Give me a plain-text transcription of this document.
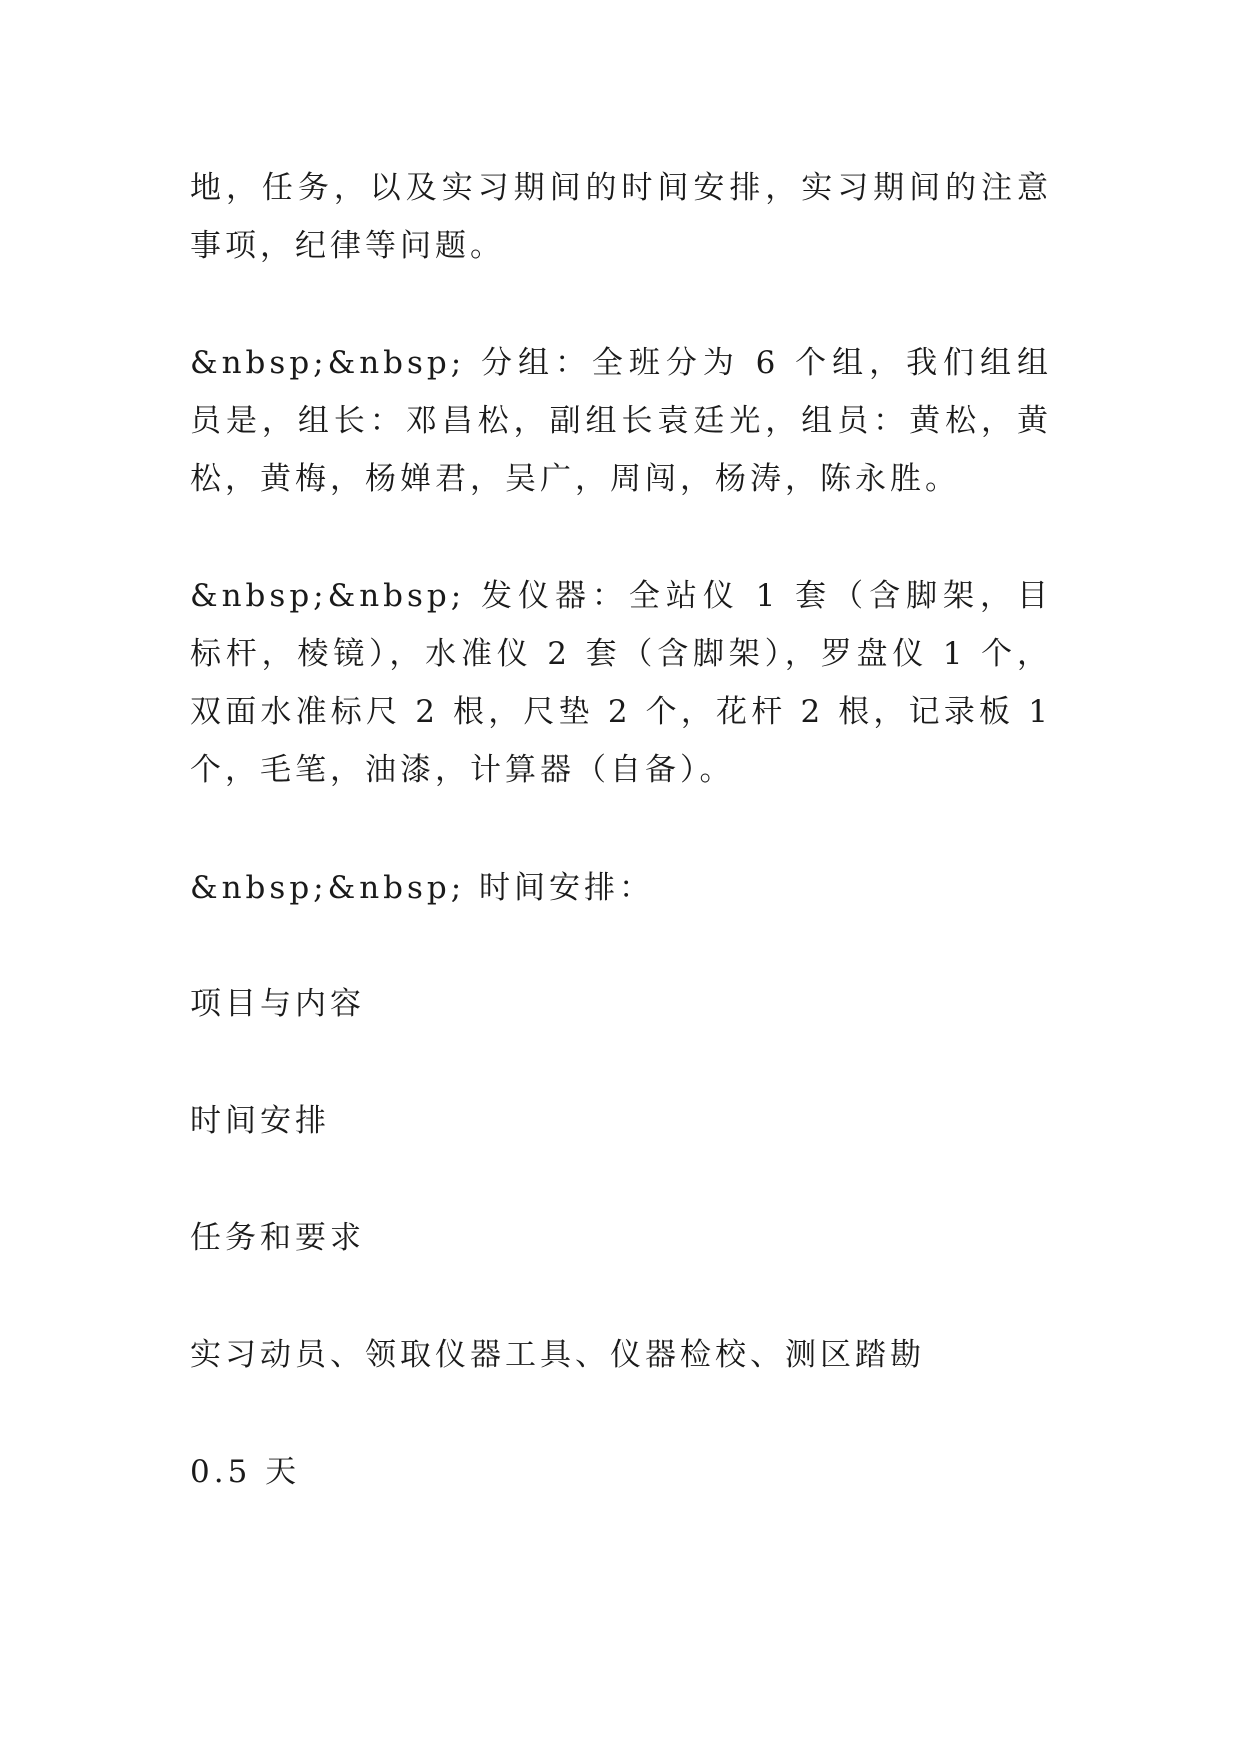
地，任务，以及实习期间的时间安排，实习期间的注意事项，纪律等问题。

&nbsp;&nbsp; 分组：全班分为 6 个组，我们组组员是，组长：邓昌松，副组长袁廷光，组员：黄松，黄松，黄梅，杨婵君，吴广，周闯，杨涛，陈永胜。

&nbsp;&nbsp; 发仪器：全站仪 1 套（含脚架，目标杆，棱镜），水准仪 2 套（含脚架），罗盘仪 1 个，双面水准标尺 2 根，尺垫 2 个，花杆 2 根，记录板 1 个，毛笔，油漆，计算器（自备）。

&nbsp;&nbsp; 时间安排：

项目与内容

时间安排

任务和要求

实习动员、领取仪器工具、仪器检校、测区踏勘

0.5 天
